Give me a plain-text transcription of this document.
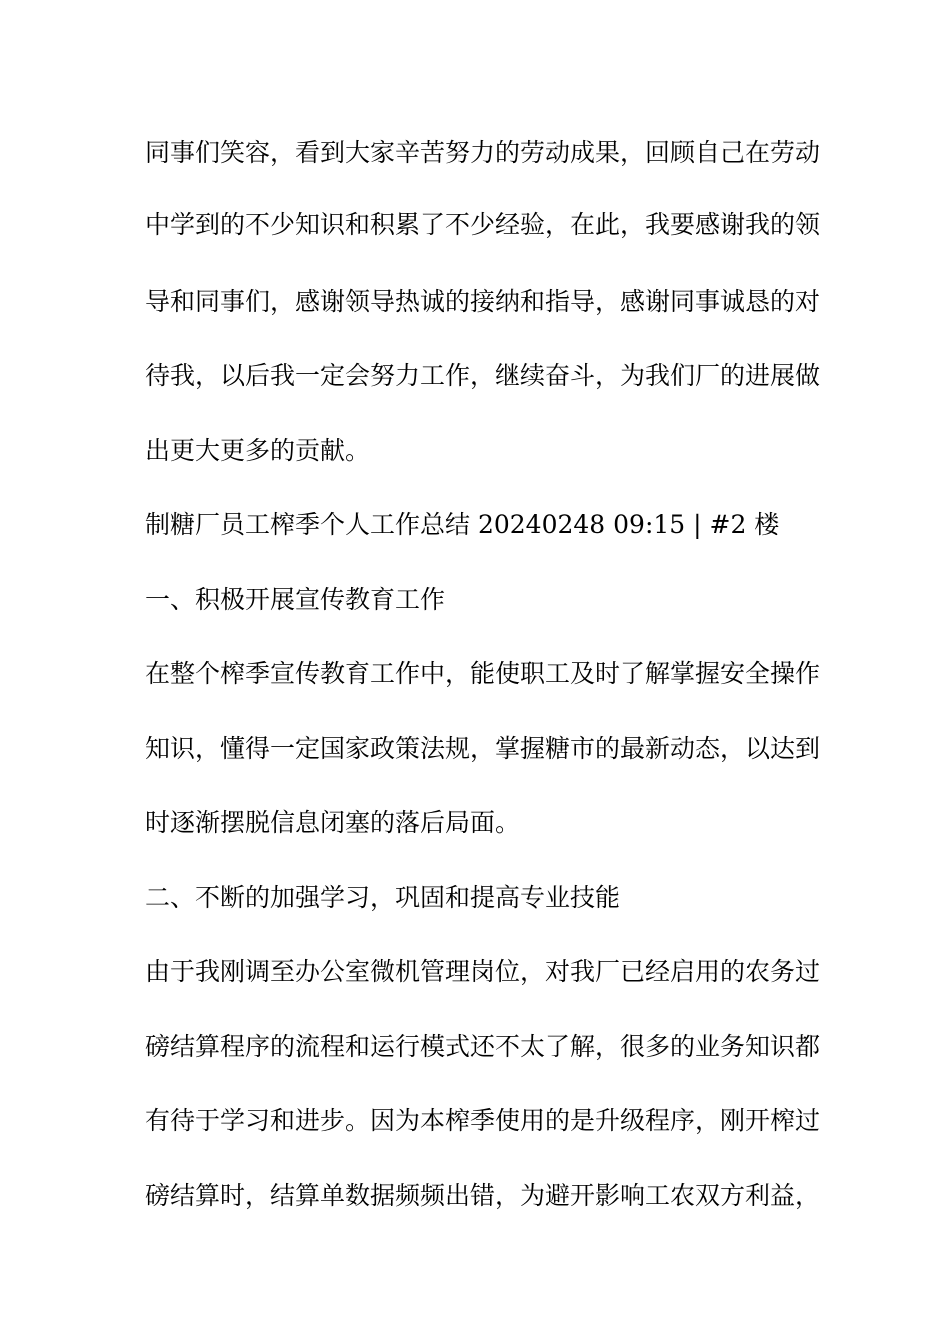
同事们笑容，看到大家辛苦努力的劳动成果，回顾自己在劳动
中学到的不少知识和积累了不少经验，在此，我要感谢我的领
导和同事们，感谢领导热诚的接纳和指导，感谢同事诚恳的对
待我，以后我一定会努力工作，继续奋斗，为我们厂的进展做
出更大更多的贡献。
制糖厂员工榨季个人工作总结 20240248 09:15 | #2 楼
一、积极开展宣传教育工作
在整个榨季宣传教育工作中，能使职工及时了解掌握安全操作
知识，懂得一定国家政策法规，掌握糖市的最新动态，以达到
时逐渐摆脱信息闭塞的落后局面。
二、不断的加强学习，巩固和提高专业技能
由于我刚调至办公室微机管理岗位，对我厂已经启用的农务过
磅结算程序的流程和运行模式还不太了解，很多的业务知识都
有待于学习和进步。因为本榨季使用的是升级程序，刚开榨过
磅结算时，结算单数据频频出错，为避开影响工农双方利益，
